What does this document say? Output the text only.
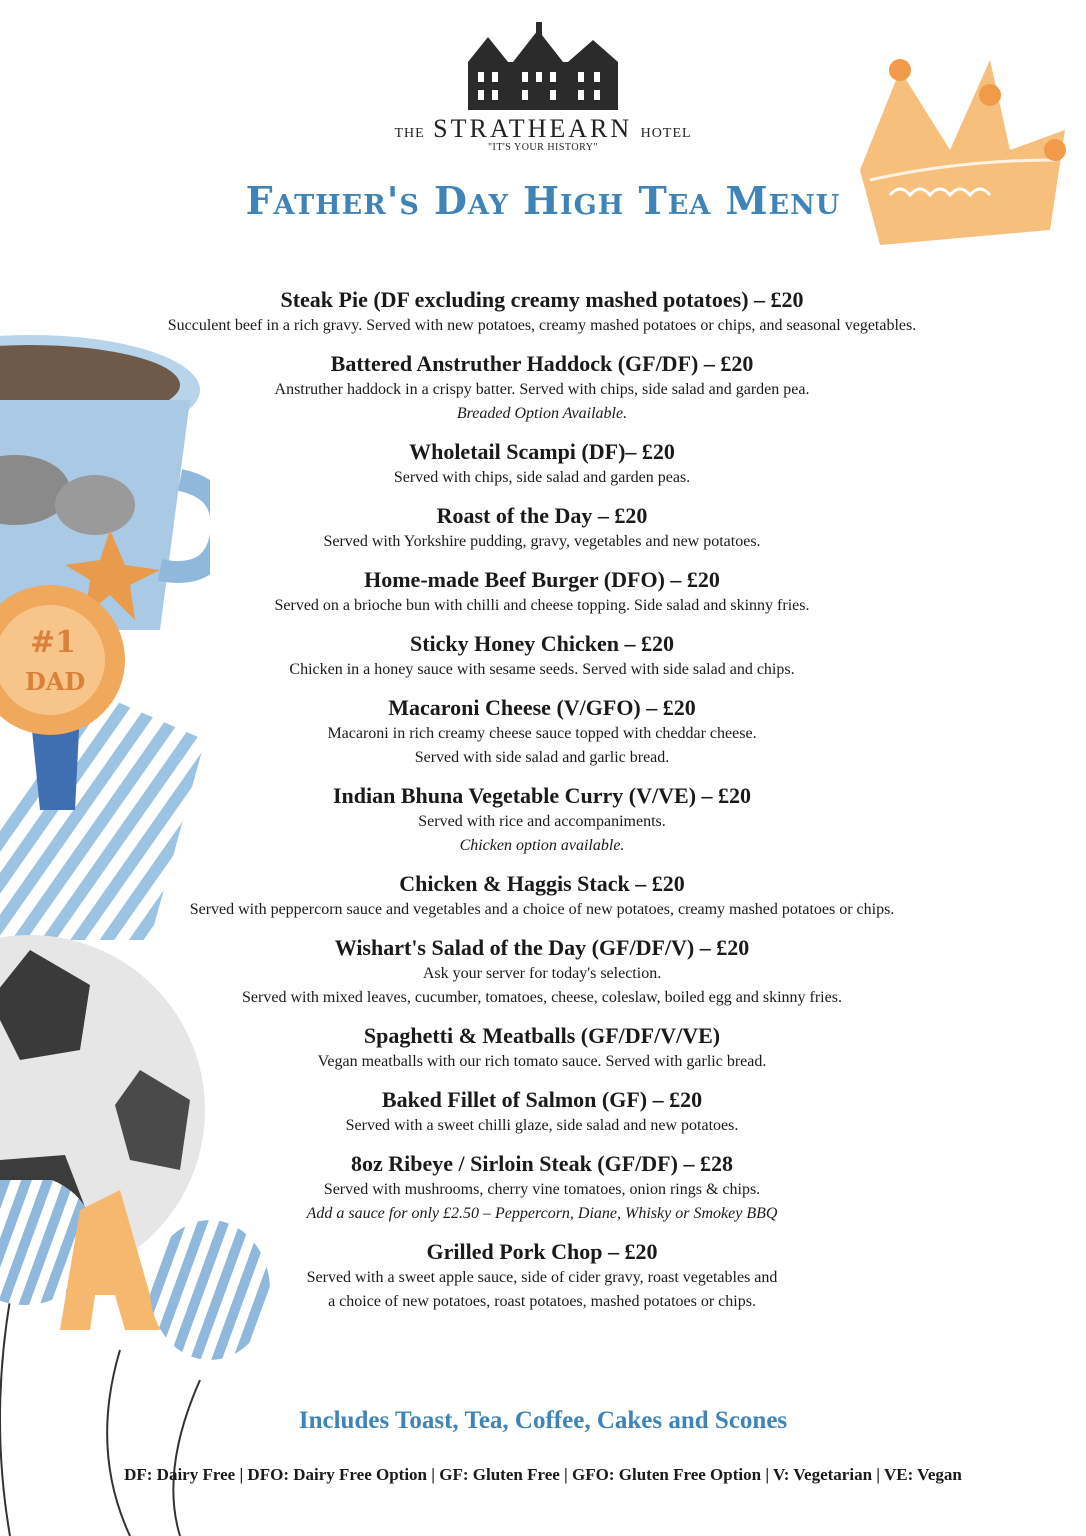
#1
DAD
THE STRATHEARN HOTEL
"IT'S YOUR HISTORY"
Father's Day High Tea Menu
Steak Pie (DF excluding creamy mashed potatoes) – £20
Succulent beef in a rich gravy. Served with new potatoes, creamy mashed potatoes or chips, and seasonal vegetables.
Battered Anstruther Haddock (GF/DF) – £20
Anstruther haddock in a crispy batter. Served with chips, side salad and garden pea.
Breaded Option Available.
Wholetail Scampi (DF)– £20
Served with chips, side salad and garden peas.
Roast of the Day – £20
Served with Yorkshire pudding, gravy, vegetables and new potatoes.
Home-made Beef Burger (DFO) – £20
Served on a brioche bun with chilli and cheese topping. Side salad and skinny fries.
Sticky Honey Chicken – £20
Chicken in a honey sauce with sesame seeds. Served with side salad and chips.
Macaroni Cheese (V/GFO) – £20
Macaroni in rich creamy cheese sauce topped with cheddar cheese.
Served with side salad and garlic bread.
Indian Bhuna Vegetable Curry (V/VE) – £20
Served with rice and accompaniments.
Chicken option available.
Chicken & Haggis Stack – £20
Served with peppercorn sauce and vegetables and a choice of new potatoes, creamy mashed potatoes or chips.
Wishart's Salad of the Day (GF/DF/V) – £20
Ask your server for today's selection.
Served with mixed leaves, cucumber, tomatoes, cheese, coleslaw, boiled egg and skinny fries.
Spaghetti & Meatballs (GF/DF/V/VE)
Vegan meatballs with our rich tomato sauce. Served with garlic bread.
Baked Fillet of Salmon (GF) – £20
Served with a sweet chilli glaze, side salad and new potatoes.
8oz Ribeye / Sirloin Steak (GF/DF) – £28
Served with mushrooms, cherry vine tomatoes, onion rings & chips.
Add a sauce for only £2.50 – Peppercorn, Diane, Whisky or Smokey BBQ
Grilled Pork Chop – £20
Served with a sweet apple sauce, side of cider gravy, roast vegetables and
a choice of new potatoes, roast potatoes, mashed potatoes or chips.
Includes Toast, Tea, Coffee, Cakes and Scones
DF: Dairy Free | DFO: Dairy Free Option | GF: Gluten Free | GFO: Gluten Free Option | V: Vegetarian | VE: Vegan
